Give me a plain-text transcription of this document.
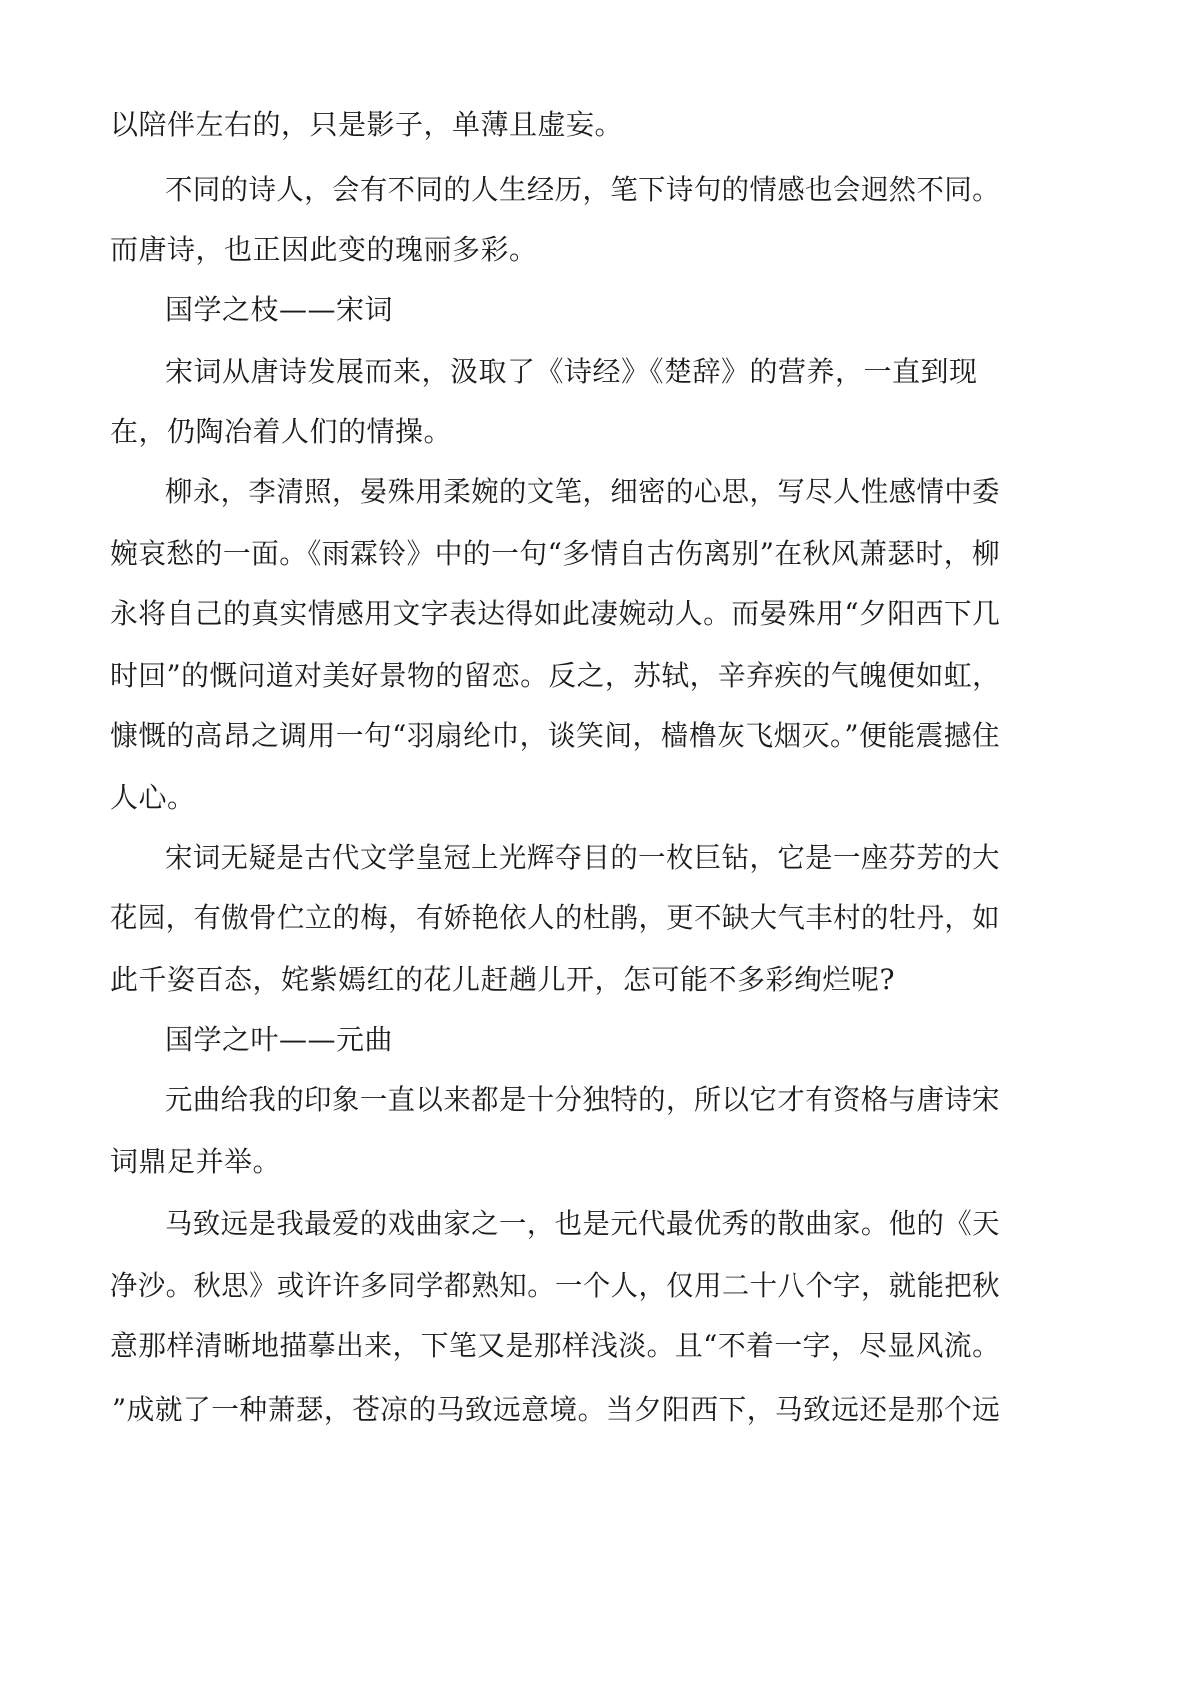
以陪伴左右的，只是影子，单薄且虚妄。
不同的诗人，会有不同的人生经历，笔下诗句的情感也会迥然不同。
而唐诗，也正因此变的瑰丽多彩。
国学之枝——宋词
宋词从唐诗发展而来，汲取了《诗经》《楚辞》的营养，一直到现
在，仍陶冶着人们的情操。
柳永，李清照，晏殊用柔婉的文笔，细密的心思，写尽人性感情中委
婉哀愁的一面。《雨霖铃》中的一句“多情自古伤离别”在秋风萧瑟时，柳
永将自己的真实情感用文字表达得如此凄婉动人。而晏殊用“夕阳西下几
时回”的慨问道对美好景物的留恋。反之，苏轼，辛弃疾的气魄便如虹，
慷慨的高昂之调用一句“羽扇纶巾，谈笑间，樯橹灰飞烟灭。”便能震撼住
人心。
宋词无疑是古代文学皇冠上光辉夺目的一枚巨钻，它是一座芬芳的大
花园，有傲骨伫立的梅，有娇艳依人的杜鹃，更不缺大气丰村的牡丹，如
此千姿百态，姹紫嫣红的花儿赶趟儿开，怎可能不多彩绚烂呢?
国学之叶——元曲
元曲给我的印象一直以来都是十分独特的，所以它才有资格与唐诗宋
词鼎足并举。
马致远是我最爱的戏曲家之一，也是元代最优秀的散曲家。他的《天
净沙。秋思》或许许多同学都熟知。一个人，仅用二十八个字，就能把秋
意那样清晰地描摹出来，下笔又是那样浅淡。且“不着一字，尽显风流。
”成就了一种萧瑟，苍凉的马致远意境。当夕阳西下，马致远还是那个远
